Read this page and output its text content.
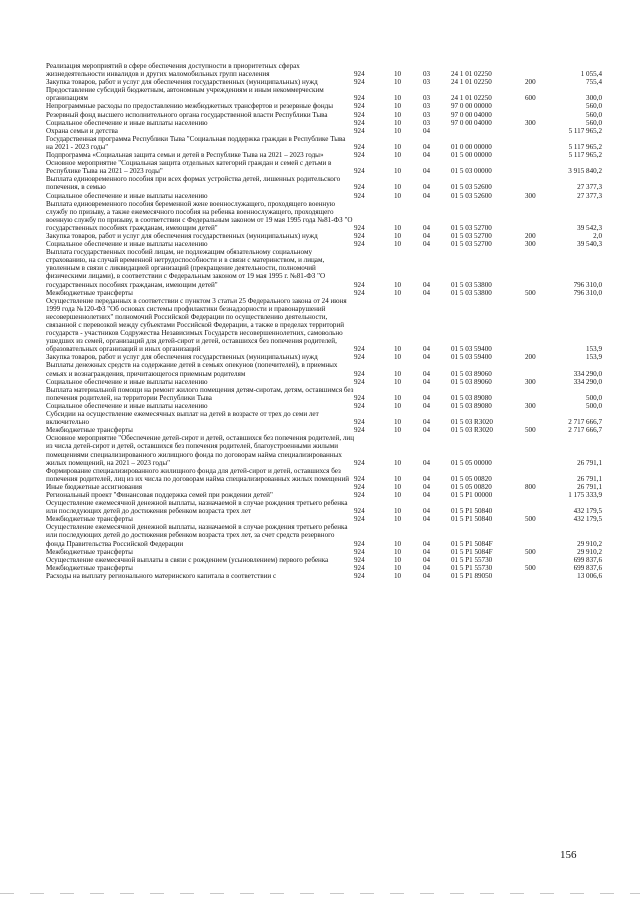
Реализация мероприятий в сфере обеспечения доступности в приоритетных сферах жизнедеятельности инвалидов и других маломобильных групп населения	924	10	03	24 1 01 02250		1 055,4
Закупка товаров, работ и услуг для обеспечения государственных (муниципальных) нужд	924	10	03	24 1 01 02250	200	755,4
Предоставление субсидий бюджетным, автономным учреждениям и иным некоммерческим организациям	924	10	03	24 1 01 02250	600	300,0
Непрограммные расходы по предоставлению межбюджетных трансфертов и резервные фонды	924	10	03	97 0 00 00000		560,0
Резервный фонд высшего исполнительного органа государственной власти Республики Тыва	924	10	03	97 0 00 04000		560,0
Социальное обеспечение и иные выплаты населению	924	10	03	97 0 00 04000	300	560,0
Охрана семьи и детства	924	10	04			5 117 965,2
Государственная программа Республики Тыва "Социальная поддержка граждан в Республике Тыва на 2021 - 2023 годы"	924	10	04	01 0 00 00000		5 117 965,2
Подпрограмма «Социальная защита семьи и детей в Республике Тыва на 2021 – 2023 годы»	924	10	04	01 5 00 00000		5 117 965,2
Основное мероприятие "Социальная защита отдельных категорий граждан и семей с детьми в Республике Тыва на 2021 – 2023 годы"	924	10	04	01 5 03 00000		3 915 840,2
Выплата единовременного пособия при всех формах устройства детей, лишенных родительского попечения, в семью	924	10	04	01 5 03 52600		27 377,3
Социальное обеспечение и иные выплаты населению	924	10	04	01 5 03 52600	300	27 377,3
Выплата единовременного пособия беременной жене военнослужащего, проходящего военную службу по призыву, а также ежемесячного пособия на ребенка военнослужащего, проходящего военную службу по призыву, в соответствии с Федеральным законом от 19 мая 1995 года №81-ФЗ "О государственных пособиях гражданам, имеющим детей"	924	10	04	01 5 03 52700		39 542,3
Закупка товаров, работ и услуг для обеспечения государственных (муниципальных) нужд	924	10	04	01 5 03 52700	200	2,0
Социальное обеспечение и иные выплаты населению	924	10	04	01 5 03 52700	300	39 540,3
Выплата государственных пособий лицам, не подлежащим обязательному социальному страхованию, на случай временной нетрудоспособности и в связи с материнством, и лицам, уволенным в связи с ликвидацией организаций (прекращение деятельности, полномочий физическими лицами), в соответствии с Федеральным законом от 19 мая 1995 г. №81-ФЗ "О государственных пособиях гражданам, имеющим детей"	924	10	04	01 5 03 53800		796 310,0
Межбюджетные трансферты	924	10	04	01 5 03 53800	500	796 310,0
Осуществление переданных в соответствии с пунктом 3 статьи 25 Федерального закона от 24 июня 1999 года №120-ФЗ "Об основах системы профилактики безнадзорности и правонарушений несовершеннолетних" полномочий Российской Федерации по осуществлению деятельности, связанной с перевозкой между субъектами Российской Федерации, а также в пределах территорий государств - участников Содружества Независимых Государств несовершеннолетних, самовольно ушедших из семей, организаций для детей-сирот и детей, оставшихся без попечения родителей, образовательных организаций и иных организаций	924	10	04	01 5 03 59400		153,9
Закупка товаров, работ и услуг для обеспечения государственных (муниципальных) нужд	924	10	04	01 5 03 59400	200	153,9
Выплаты денежных средств на содержание детей в семьях опекунов (попечителей), в приемных семьях и вознаграждения, причитающегося приемным родителям	924	10	04	01 5 03 89060		334 290,0
Социальное обеспечение и иные выплаты населению	924	10	04	01 5 03 89060	300	334 290,0
Выплата материальной помощи на ремонт жилого помещения детям-сиротам, детям, оставшимся без попечения родителей, на территории Республики Тыва	924	10	04	01 5 03 89080		500,0
Социальное обеспечение и иные выплаты населению	924	10	04	01 5 03 89080	300	500,0
Субсидии на осуществление ежемесячных выплат на детей в возрасте от трех до семи лет включительно	924	10	04	01 5 03 R3020		2 717 666,7
Межбюджетные трансферты	924	10	04	01 5 03 R3020	500	2 717 666,7
Основное мероприятие "Обеспечение детей-сирот и детей, оставшихся без попечения родителей, лиц из числа детей-сирот и детей, оставшихся без попечения родителей, благоустроенными жилыми помещениями специализированного жилищного фонда по договорам найма специализированных жилых помещений, на 2021 – 2023 годы"	924	10	04	01 5 05 00000		26 791,1
Формирование специализированного жилищного фонда для детей-сирот и детей, оставшихся без попечения родителей, лиц из их числа по договорам найма специализированных жилых помещений	924	10	04	01 5 05 00820		26 791,1
Иные бюджетные ассигнования	924	10	04	01 5 05 00820	800	26 791,1
Региональный проект "Финансовая поддержка семей при рождении детей"	924	10	04	01 5 P1 00000		1 175 333,9
Осуществление ежемесячной денежной выплаты, назначаемой в случае рождения третьего ребенка или последующих детей до достижения ребенком возраста трех лет	924	10	04	01 5 P1 50840		432 179,5
Межбюджетные трансферты	924	10	04	01 5 P1 50840	500	432 179,5
Осуществление ежемесячной денежной выплаты, назначаемой в случае рождения третьего ребенка или последующих детей до достижения ребенком возраста трех лет, за счет средств резервного фонда Правительства Российской Федерации	924	10	04	01 5 P1 5084F		29 910,2
Межбюджетные трансферты	924	10	04	01 5 P1 5084F	500	29 910,2
Осуществление ежемесячной выплаты в связи с рождением (усыновлением) первого ребенка	924	10	04	01 5 P1 55730		699 837,6
Межбюджетные трансферты	924	10	04	01 5 P1 55730	500	699 837,6
Расходы на выплату регионального материнского капитала в соответствии с	924	10	04	01 5 P1 89050		13 006,6
156
